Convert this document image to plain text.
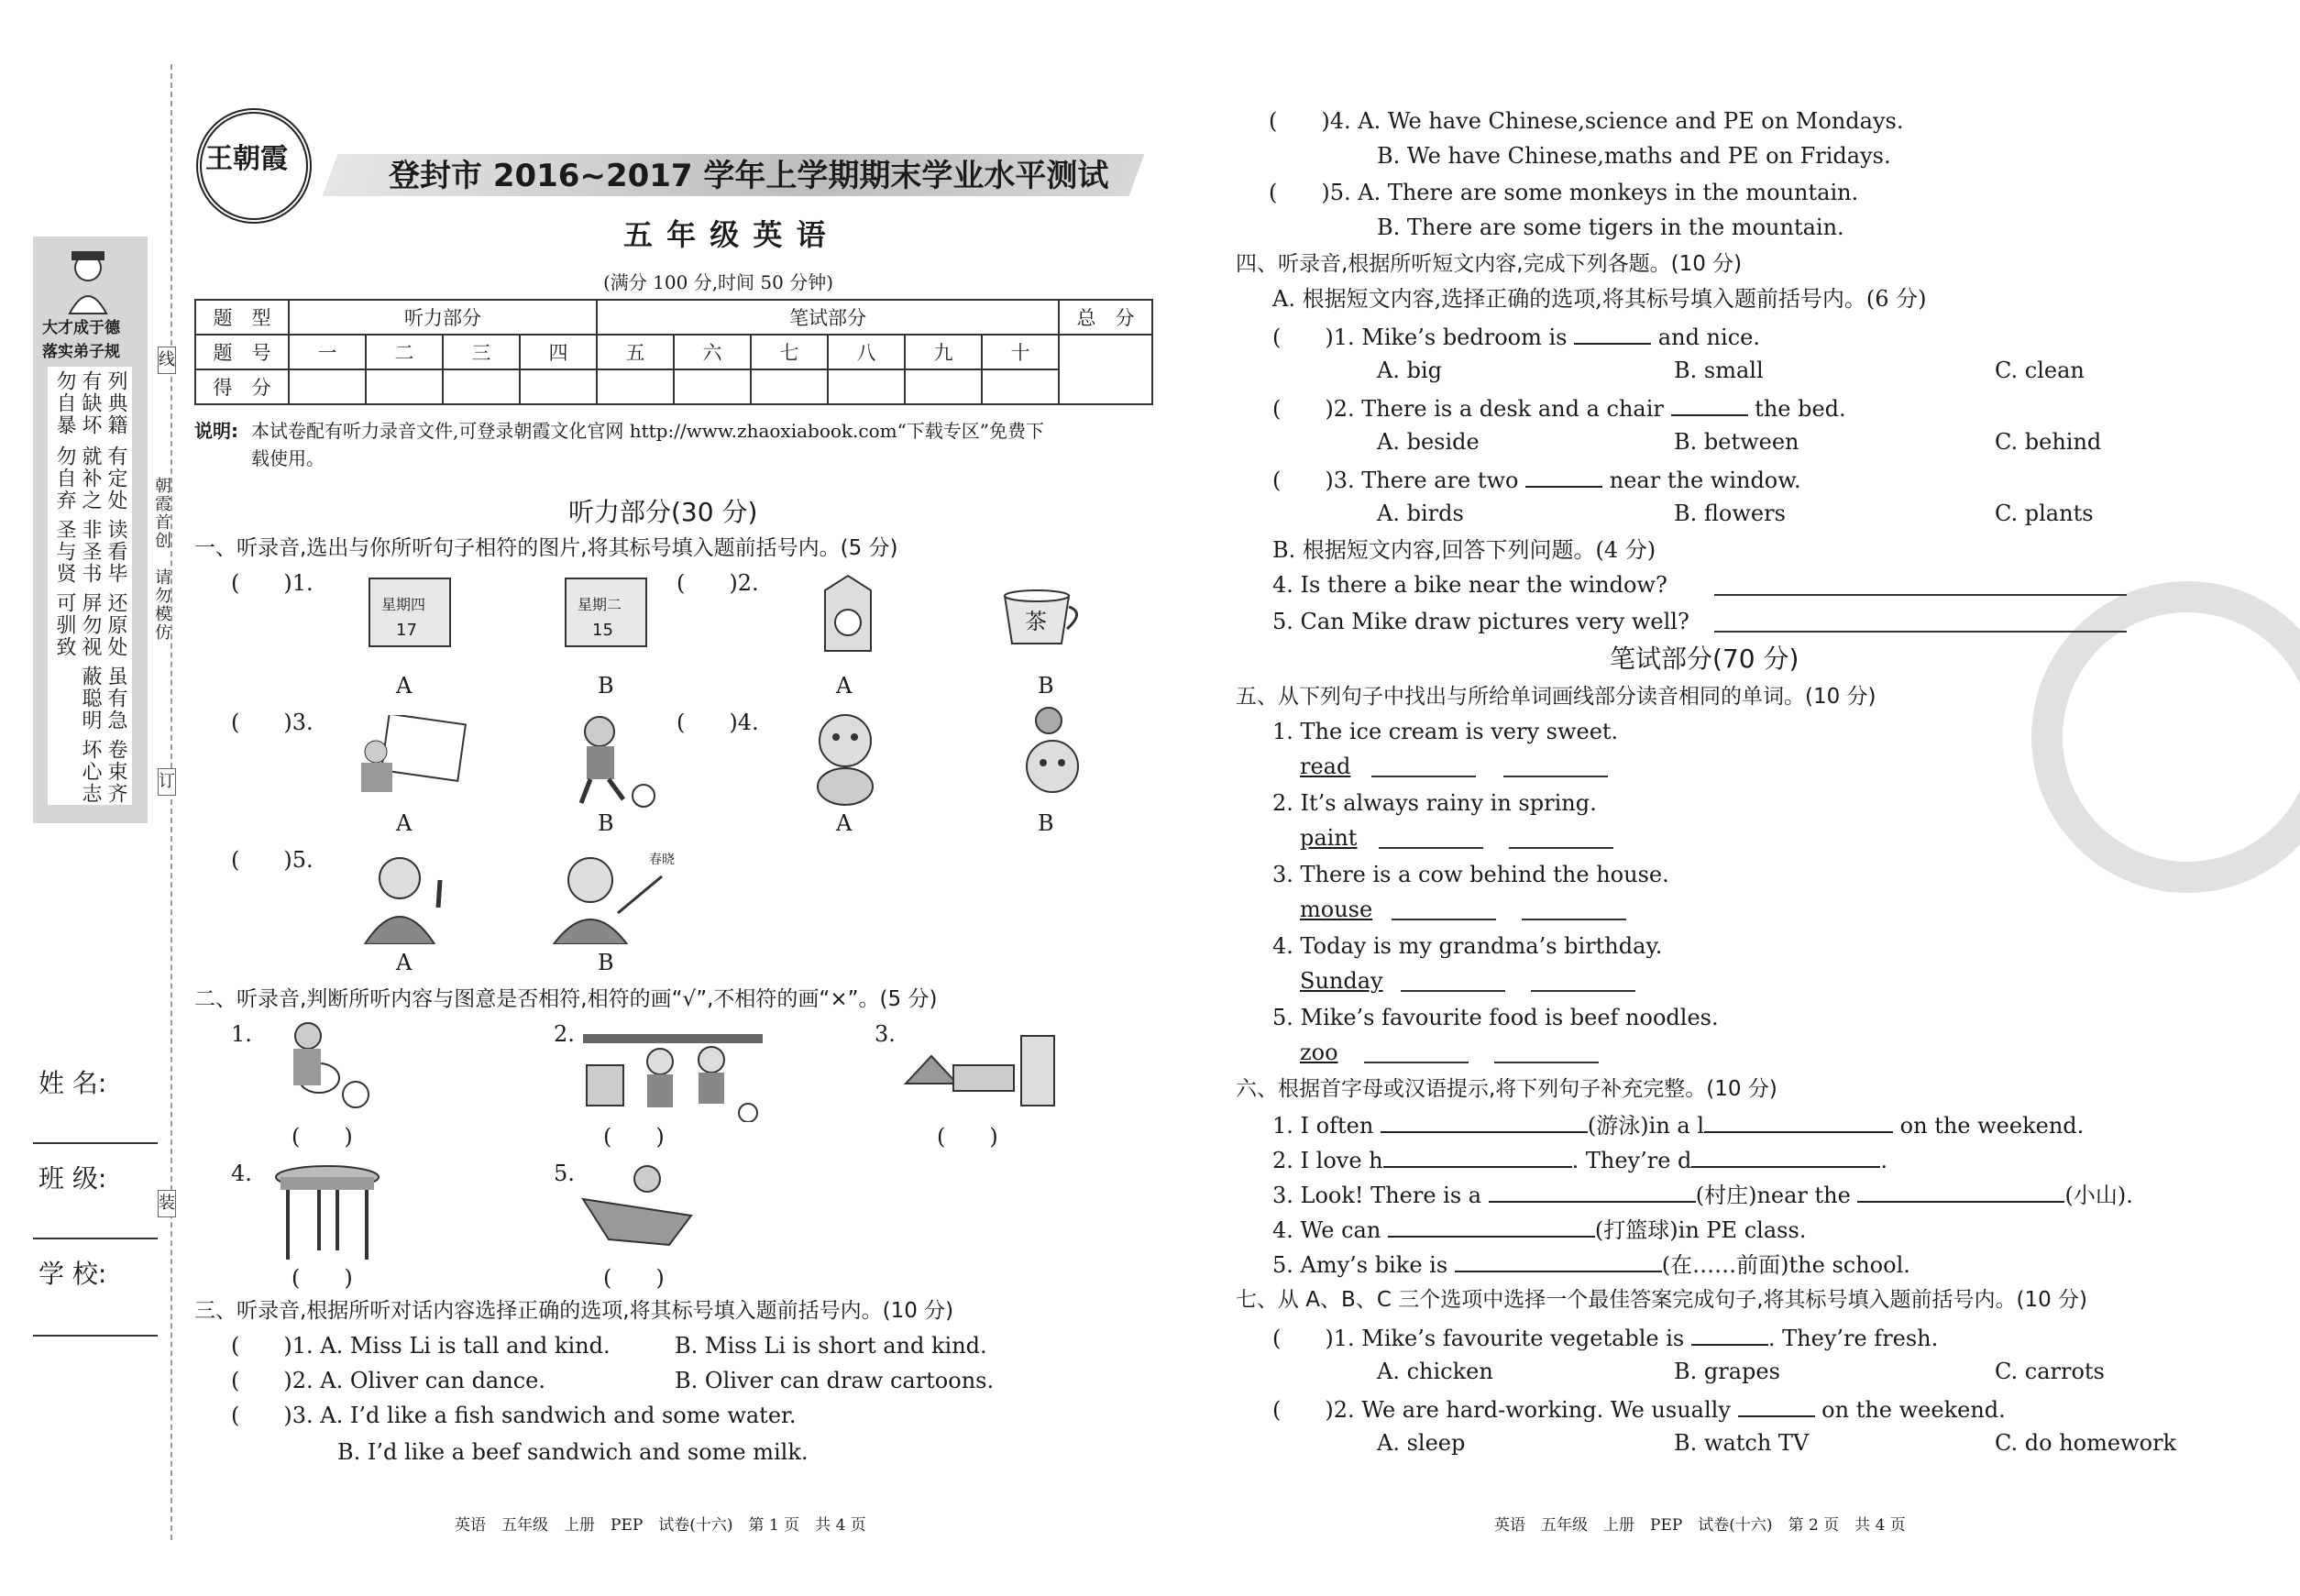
线
订
装
大才成于德
落实弟子规
勿自暴 有缺坏 列典籍
勿自弃 就补之 有定处
圣与贤 非圣书 读看毕
可驯致 屏勿视 还原处
蔽聪明 虽有急
坏心志 卷束齐
朝霞首创
请勿模仿
姓 名:
班 级:
学 校:
王朝霞	登封市 2016~2017 学年上学期期末学业水平测试
五 年 级 英 语
(满分 100 分,时间 50 分钟)
题　型	听力部分				笔试部分						总　分
题　号	一	二	三	四	五	六	七	八	九	十	
得　分											
说明: 本试卷配有听力录音文件,可登录朝霞文化官网 http://www.zhaoxiabook.com“下载专区”免费下
载使用。
听力部分(30 分)
一、听录音,选出与你所听句子相符的图片,将其标号填入题前括号内。(5 分)
(　　)1.
星期四
17
星期二
15
A	B
(　　)2.
茶
A	B
(　　)3.
A	B
(　　)4.
A	B
(　　)5.	春晓
A	B
二、听录音,判断所听内容与图意是否相符,相符的画“√”,不相符的画“×”。(5 分)
1.
(　　)
2.
(　　)
3.
(　　)
4.
(　　)
5.
(　　)
三、听录音,根据所听对话内容选择正确的选项,将其标号填入题前括号内。(10 分)
(　　)1. A. Miss Li is tall and kind.	B. Miss Li is short and kind.
(　　)2. A. Oliver can dance.	B. Oliver can draw cartoons.
(　　)3. A. I’d like a fish sandwich and some water.
B. I’d like a beef sandwich and some milk.
英语　五年级　上册　PEP　试卷(十六)　第 1 页　共 4 页
(　　)4. A. We have Chinese,science and PE on Mondays.
B. We have Chinese,maths and PE on Fridays.
(　　)5. A. There are some monkeys in the mountain.
B. There are some tigers in the mountain.
四、听录音,根据所听短文内容,完成下列各题。(10 分)
A. 根据短文内容,选择正确的选项,将其标号填入题前括号内。(6 分)
(　　)1. Mike’s bedroom is	and nice.
A. big	B. small	C. clean
(　　)2. There is a desk and a chair	the bed.
A. beside	B. between	C. behind
(　　)3. There are two	near the window.
A. birds	B. flowers	C. plants
B. 根据短文内容,回答下列问题。(4 分)
4. Is there a bike near the window?
5. Can Mike draw pictures very well?
笔试部分(70 分)
五、从下列句子中找出与所给单词画线部分读音相同的单词。(10 分)
1. The ice cream is very sweet.
read
2. It’s always rainy in spring.
paint
3. There is a cow behind the house.
mouse
4. Today is my grandma’s birthday.
Sunday
5. Mike’s favourite food is beef noodles.
zoo
六、根据首字母或汉语提示,将下列句子补充完整。(10 分)
1. I often	(游泳)in a l	on the weekend.
2. I love h	. They’re d	.
3. Look! There is a	(村庄)near the	(小山).
4. We can	(打篮球)in PE class.
5. Amy’s bike is	(在……前面)the school.
七、从 A、B、C 三个选项中选择一个最佳答案完成句子,将其标号填入题前括号内。(10 分)
(　　)1. Mike’s favourite vegetable is	. They’re fresh.
A. chicken	B. grapes	C. carrots
(　　)2. We are hard-working. We usually	on the weekend.
A. sleep	B. watch TV	C. do homework
英语　五年级　上册　PEP　试卷(十六)　第 2 页　共 4 页
